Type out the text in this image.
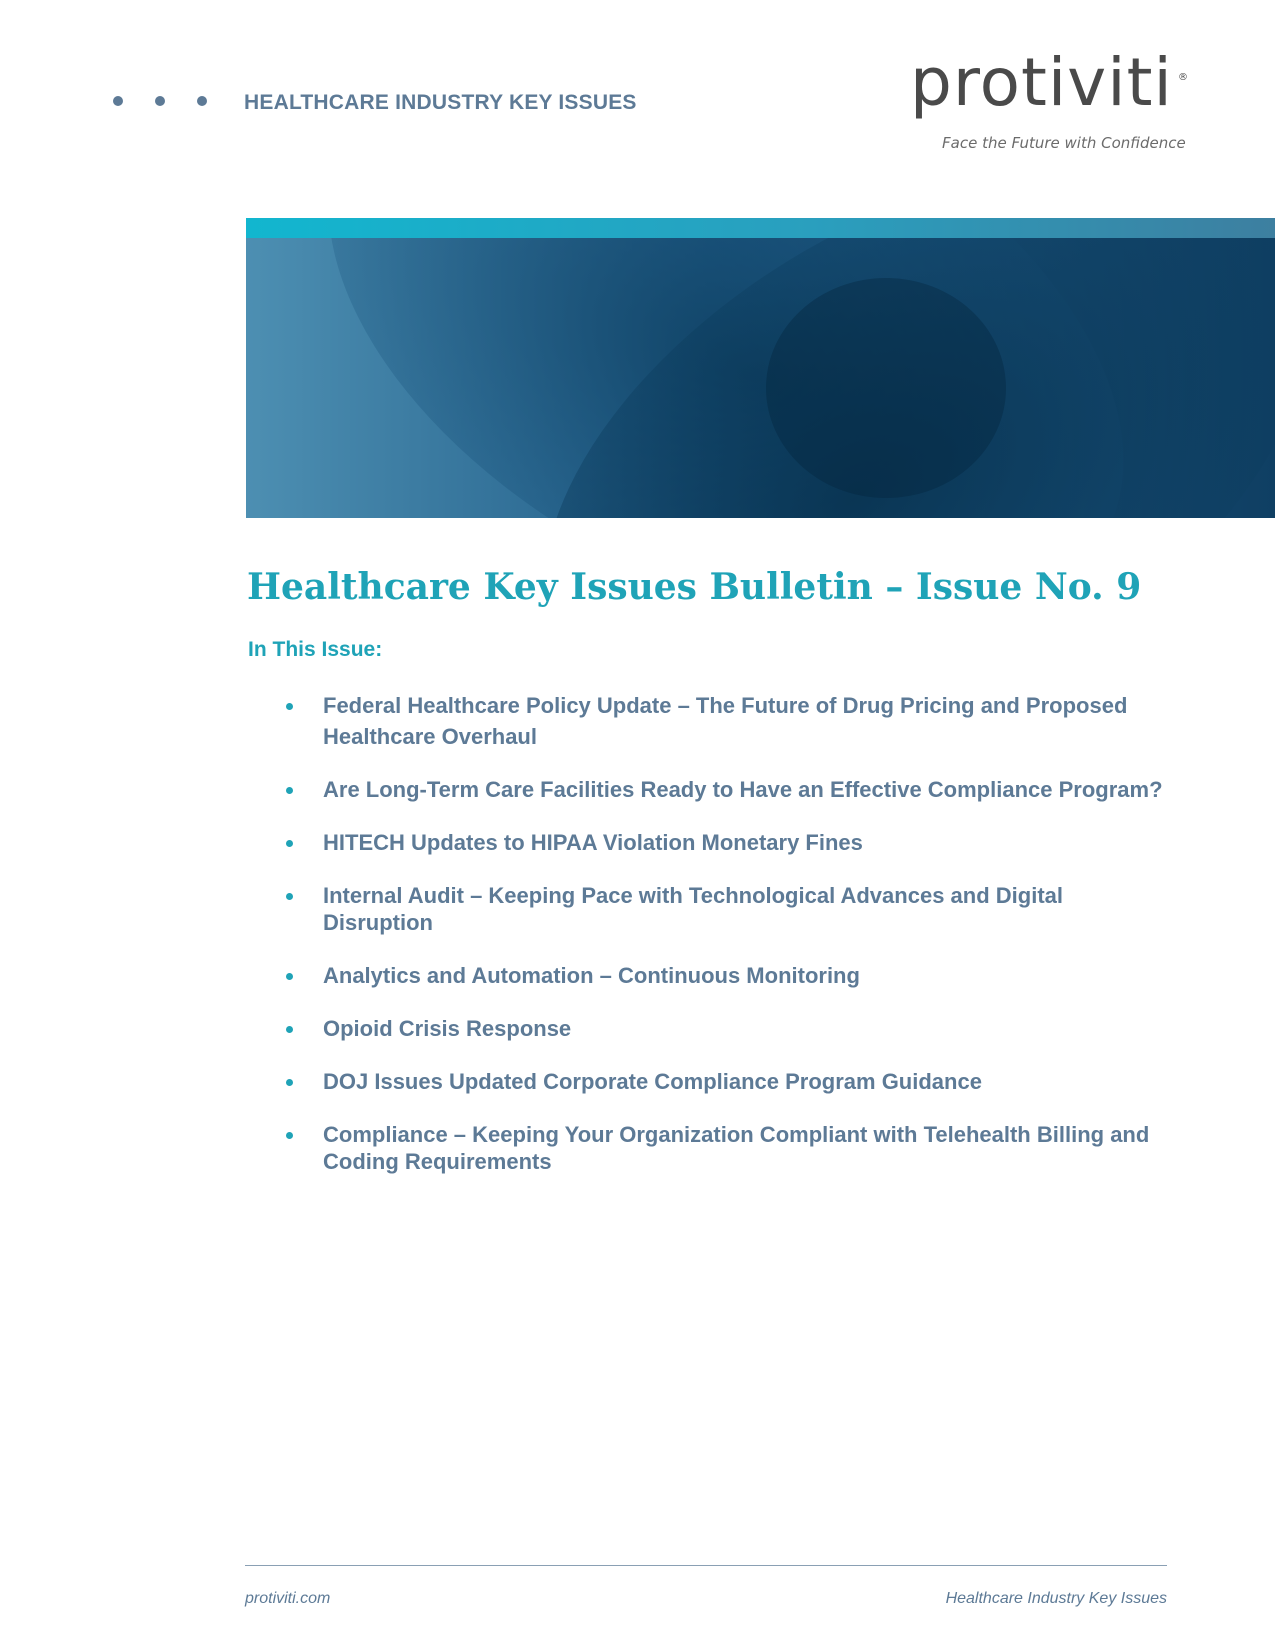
HEALTHCARE INDUSTRY KEY ISSUES	protiviti ®
Face the Future with Confidence
Healthcare Key Issues Bulletin – Issue No. 9
In This Issue:
Federal Healthcare Policy Update – The Future of Drug Pricing and Proposed Healthcare Overhaul
Are Long-Term Care Facilities Ready to Have an Effective Compliance Program?
HITECH Updates to HIPAA Violation Monetary Fines
Internal Audit – Keeping Pace with Technological Advances and Digital Disruption
Analytics and Automation – Continuous Monitoring
Opioid Crisis Response
DOJ Issues Updated Corporate Compliance Program Guidance
Compliance – Keeping Your Organization Compliant with Telehealth Billing and Coding Requirements
protiviti.com	Healthcare Industry Key Issues
